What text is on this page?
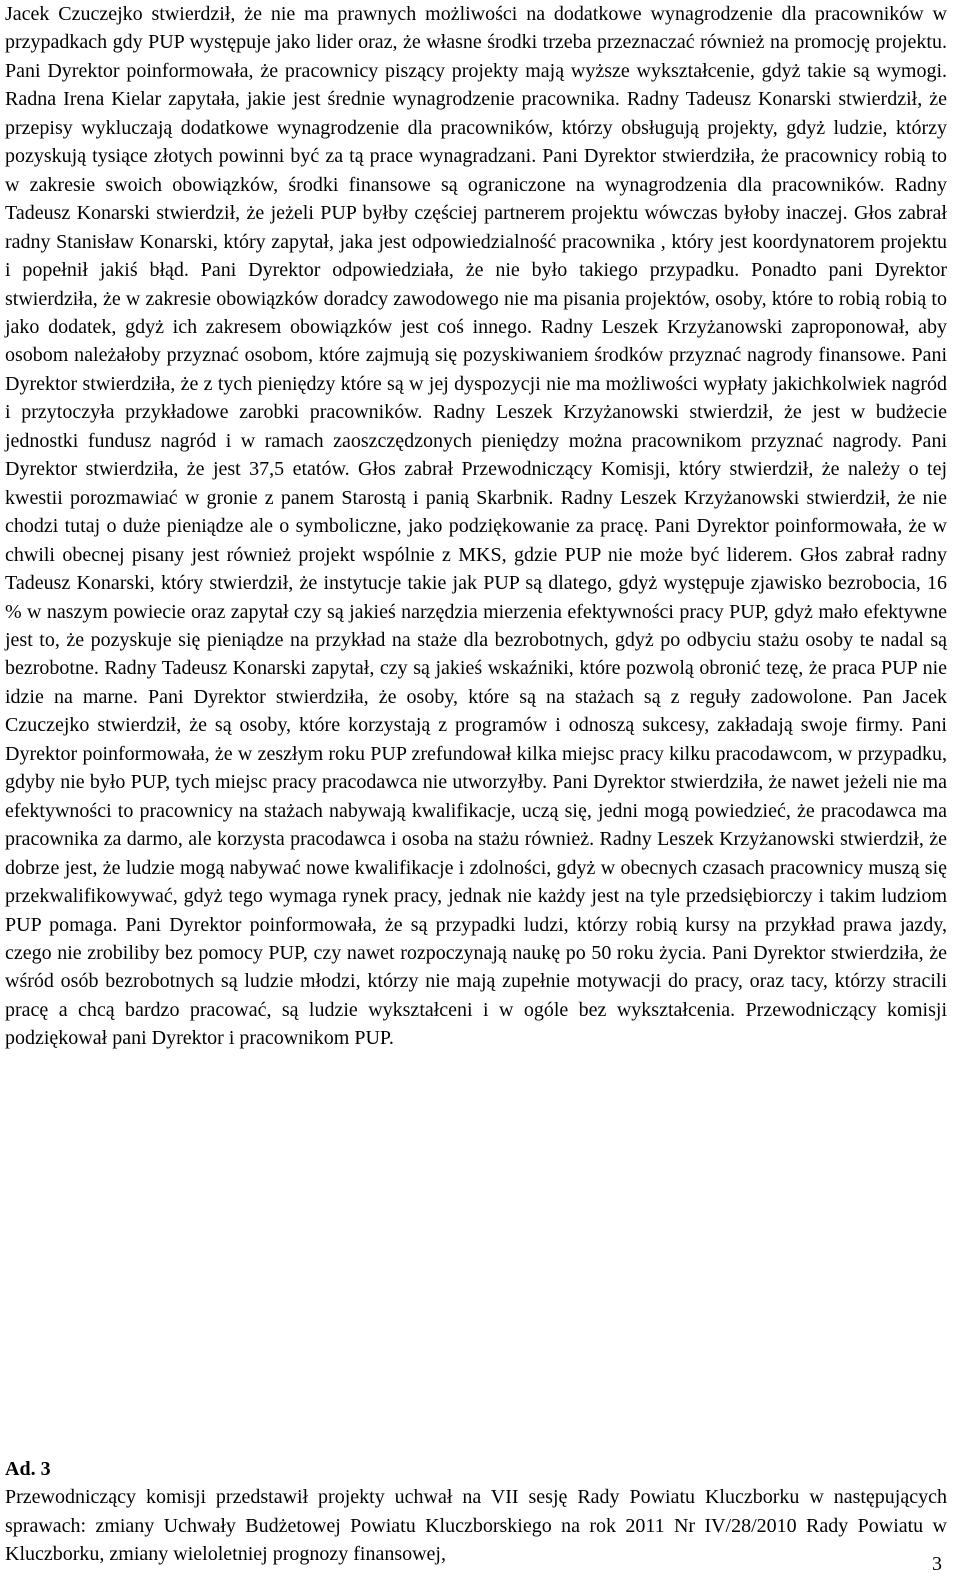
Jacek Czuczejko stwierdził, że nie ma prawnych możliwości na dodatkowe wynagrodzenie dla pracowników w przypadkach gdy PUP występuje jako lider oraz, że własne środki trzeba przeznaczać również na promocję projektu. Pani Dyrektor poinformowała, że pracownicy piszący projekty mają wyższe wykształcenie, gdyż takie są wymogi. Radna Irena Kielar zapytała, jakie jest średnie wynagrodzenie pracownika. Radny Tadeusz Konarski stwierdził, że przepisy wykluczają dodatkowe wynagrodzenie dla pracowników, którzy obsługują projekty, gdyż ludzie, którzy pozyskują tysiące złotych powinni być za tą prace wynagradzani. Pani Dyrektor stwierdziła, że pracownicy robią to w zakresie swoich obowiązków, środki finansowe są ograniczone na wynagrodzenia dla pracowników. Radny Tadeusz Konarski stwierdził, że jeżeli PUP byłby częściej partnerem projektu wówczas byłoby inaczej. Głos zabrał radny Stanisław Konarski, który zapytał, jaka jest odpowiedzialność pracownika , który jest koordynatorem projektu i popełnił jakiś błąd. Pani Dyrektor odpowiedziała, że nie było takiego przypadku. Ponadto pani Dyrektor stwierdziła, że w zakresie obowiązków doradcy zawodowego nie ma pisania projektów, osoby, które to robią robią to jako dodatek, gdyż ich zakresem obowiązków jest coś innego. Radny Leszek Krzyżanowski zaproponował, aby osobom należałoby przyznać osobom, które zajmują się pozyskiwaniem środków przyznać nagrody finansowe. Pani Dyrektor stwierdziła, że z tych pieniędzy które są w jej dyspozycji nie ma możliwości wypłaty jakichkolwiek nagród i przytoczyła przykładowe zarobki pracowników. Radny Leszek Krzyżanowski stwierdził, że jest w budżecie jednostki fundusz nagród i w ramach zaoszczędzonych pieniędzy można pracownikom przyznać nagrody. Pani Dyrektor stwierdziła, że jest 37,5 etatów. Głos zabrał Przewodniczący Komisji, który stwierdził, że należy o tej kwestii porozmawiać w gronie z panem Starostą i panią Skarbnik. Radny Leszek Krzyżanowski stwierdził, że nie chodzi tutaj o duże pieniądze ale o symboliczne, jako podziękowanie za pracę. Pani Dyrektor poinformowała, że w chwili obecnej pisany jest również projekt wspólnie z MKS, gdzie PUP nie może być liderem. Głos zabrał radny Tadeusz Konarski, który stwierdził, że instytucje takie jak PUP są dlatego, gdyż występuje zjawisko bezrobocia, 16 % w naszym powiecie oraz zapytał czy są jakieś narzędzia mierzenia efektywności pracy PUP, gdyż mało efektywne jest to, że pozyskuje się pieniądze na przykład na staże dla bezrobotnych, gdyż po odbyciu stażu osoby te nadal są bezrobotne. Radny Tadeusz Konarski zapytał, czy są jakieś wskaźniki, które pozwolą obronić tezę, że praca PUP nie idzie na marne. Pani Dyrektor stwierdziła, że osoby, które są na stażach są z reguły zadowolone. Pan Jacek Czuczejko stwierdził, że są osoby, które korzystają z programów i odnoszą sukcesy, zakładają swoje firmy. Pani Dyrektor poinformowała, że w zeszłym roku PUP zrefundował kilka miejsc pracy kilku pracodawcom, w przypadku, gdyby nie było PUP, tych miejsc pracy pracodawca nie utworzyłby. Pani Dyrektor stwierdziła, że nawet jeżeli nie ma efektywności to pracownicy na stażach nabywają kwalifikacje, uczą się, jedni mogą powiedzieć, że pracodawca ma pracownika za darmo, ale korzysta pracodawca i osoba na stażu również. Radny Leszek Krzyżanowski stwierdził, że dobrze jest, że ludzie mogą nabywać nowe kwalifikacje i zdolności, gdyż w obecnych czasach pracownicy muszą się przekwalifikowywać, gdyż tego wymaga rynek pracy, jednak nie każdy jest na tyle przedsiębiorczy i takim ludziom PUP pomaga. Pani Dyrektor poinformowała, że są przypadki ludzi, którzy robią kursy na przykład prawa jazdy, czego nie zrobiliby bez pomocy PUP, czy nawet rozpoczynają naukę po 50 roku życia. Pani Dyrektor stwierdziła, że wśród osób bezrobotnych są ludzie młodzi, którzy nie mają zupełnie motywacji do pracy, oraz tacy, którzy stracili pracę a chcą bardzo pracować, są ludzie wykształceni i w ogóle bez wykształcenia. Przewodniczący komisji podziękował pani Dyrektor i pracownikom PUP.

Ad. 3

Przewodniczący komisji przedstawił projekty uchwał na VII sesję Rady Powiatu Kluczborku w następujących sprawach: zmiany Uchwały Budżetowej Powiatu Kluczborskiego na rok 2011 Nr IV/28/2010 Rady Powiatu w Kluczborku, zmiany wieloletniej prognozy finansowej,	3
